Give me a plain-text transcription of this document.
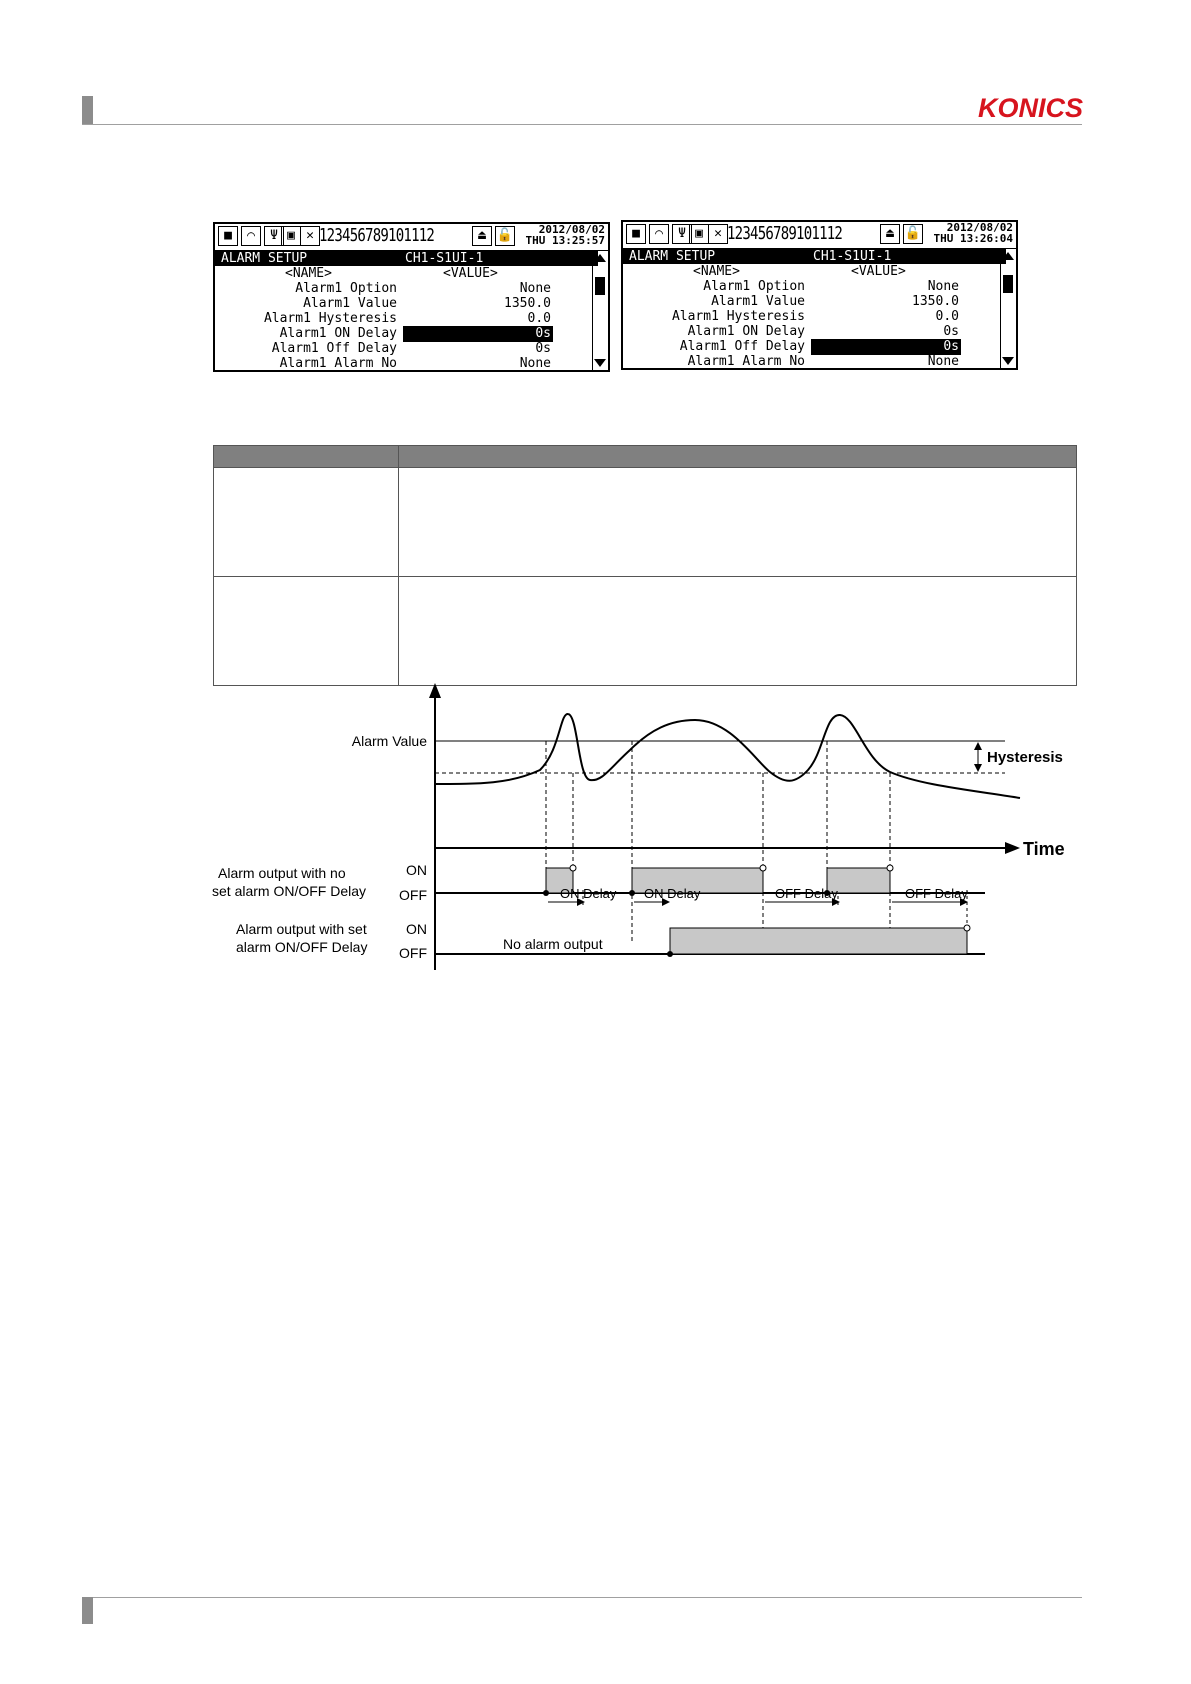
KONICS
■	⌒	Ψ ▣ ✕ 123456789101112	⏏ 🔓	2012/08/02
THU 13:25:57
ALARM SETUP	CH1-S1UI-1
<NAME>	<VALUE>
Alarm1 Option	None
Alarm1 Value	1350.0
Alarm1 Hysteresis	0.0
Alarm1 ON Delay	0s
Alarm1 Off Delay	0s
Alarm1 Alarm No	None
■	⌒	Ψ ▣ ✕ 123456789101112	⏏ 🔓	2012/08/02
THU 13:26:04
ALARM SETUP	CH1-S1UI-1
<NAME>	<VALUE>
Alarm1 Option	None
Alarm1 Value	1350.0
Alarm1 Hysteresis	0.0
Alarm1 ON Delay	0s
Alarm1 Off Delay	0s
Alarm1 Alarm No	None

Time
Alarm Value
Hysteresis
Alarm output with no
set alarm ON/OFF Delay
ON
OFF	ON Delay ON Delay	OFF Delay	OFF Delay
Alarm output with set
alarm ON/OFF Delay
ON
OFF
No alarm output
